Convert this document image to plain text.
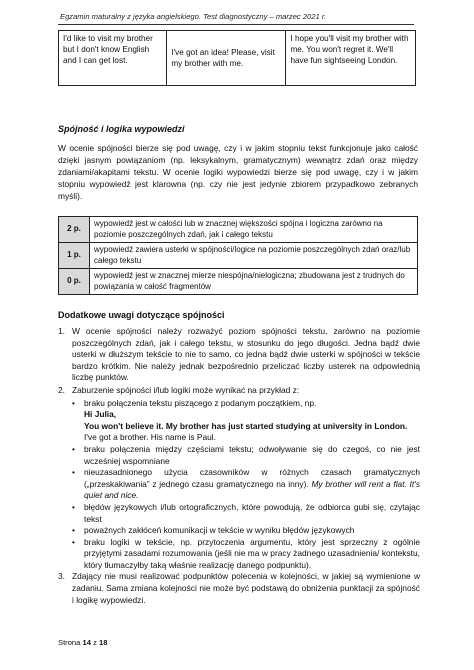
Egzamin maturalny z języka angielskiego. Test diagnostyczny – marzec 2021 r.
I'd like to visit my brother but I don't know English and I can get lost.	I've got an idea! Please, visit my brother with me.	I hope you'll visit my brother with me. You won't regret it. We'll have fun sightseeing London.
Spójność i logika wypowiedzi
W ocenie spójności bierze się pod uwagę, czy i w jakim stopniu tekst funkcjonuje jako całość dzięki jasnym powiązaniom (np. leksykalnym, gramatycznym) wewnątrz zdań oraz między zdaniami/akapitami tekstu. W ocenie logiki wypowiedzi bierze się pod uwagę, czy i w jakim stopniu wypowiedź jest klarowna (np. czy nie jest jedynie zbiorem przypadkowo zebranych myśli).
2 p.	wypowiedź jest w całości lub w znacznej większości spójna i logiczna zarówno na poziomie poszczególnych zdań, jak i całego tekstu
1 p.	wypowiedź zawiera usterki w spójności/logice na poziomie poszczególnych zdań oraz/lub całego tekstu
0 p.	wypowiedź jest w znacznej mierze niespójna/nielogiczna; zbudowana jest z trudnych do powiązania w całość fragmentów
Dodatkowe uwagi dotyczące spójności
1. W ocenie spójności należy rozważyć poziom spójności tekstu, zarówno na poziomie poszczególnych zdań, jak i całego tekstu, w stosunku do jego długości. Jedna bądź dwie usterki w dłuższym tekście to nie to samo, co jedna bądź dwie usterki w spójności w tekście bardzo krótkim. Nie należy jednak bezpośrednio przeliczać liczby usterek na odpowiednią liczbę punktów.
2. Zaburzenie spójności i/lub logiki może wynikać na przykład z:
• braku połączenia tekstu piszącego z podanym początkiem, np.
Hi Julia,
You won't believe it. My brother has just started studying at university in London.
I've got a brother. His name is Paul.
• braku połączenia między częściami tekstu; odwoływanie się do czegoś, co nie jest wcześniej wspomniane
• nieuzasadnionego użycia czasowników w różnych czasach gramatycznych („przeskakiwania” z jednego czasu gramatycznego na inny). My brother will rent a flat. It's quiet and nice.
• błędów językowych i/lub ortograficznych, które powodują, że odbiorca gubi się, czytając tekst
• poważnych zakłóceń komunikacji w tekście w wyniku błędów językowych
• braku logiki w tekście, np. przytoczenia argumentu, który jest sprzeczny z ogólnie przyjętymi zasadami rozumowania (jeśli nie ma w pracy żadnego uzasadnienia/ kontekstu, który tłumaczyłby taką właśnie realizację danego podpunktu).
3. Zdający nie musi realizować podpunktów polecenia w kolejności, w jakiej są wymienione w zadaniu. Sama zmiana kolejności nie może być podstawą do obniżenia punktacji za spójność i logikę wypowiedzi.
Strona 14 z 18
